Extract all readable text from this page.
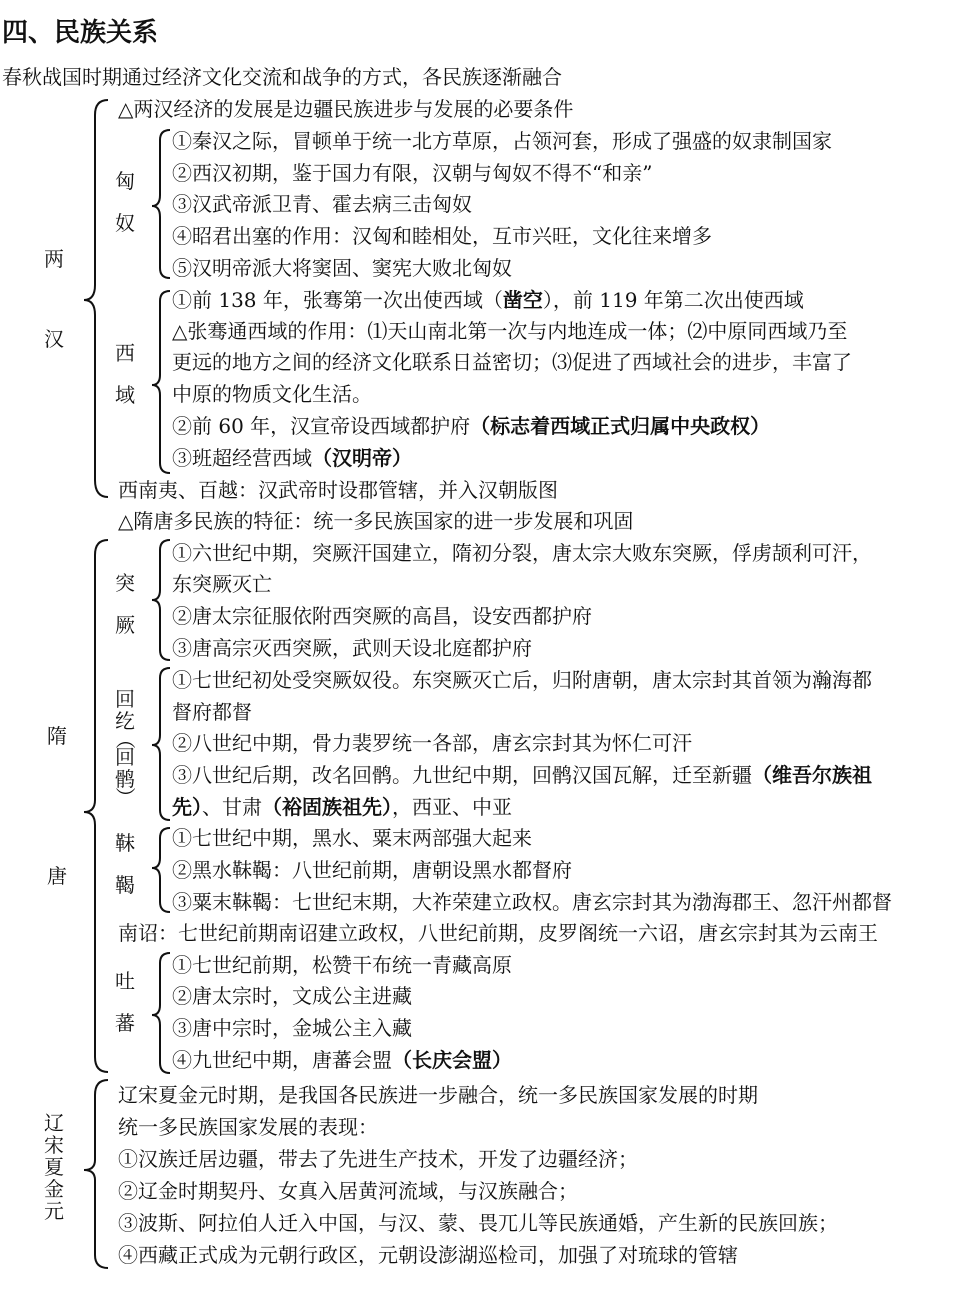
四、民族关系
春秋战国时期通过经济文化交流和战争的方式，各民族逐渐融合
两
汉
△两汉经济的发展是边疆民族进步与发展的必要条件
匈
奴
①秦汉之际，冒顿单于统一北方草原，占领河套，形成了强盛的奴隶制国家
②西汉初期，鉴于国力有限，汉朝与匈奴不得不“和亲”
③汉武帝派卫青、霍去病三击匈奴
④昭君出塞的作用：汉匈和睦相处，互市兴旺，文化往来增多
⑤汉明帝派大将窦固、窦宪大败北匈奴
西
域
①前 138 年，张骞第一次出使西域（凿空），前 119 年第二次出使西域
△张骞通西域的作用：⑴天山南北第一次与内地连成一体；⑵中原同西域乃至
更远的地方之间的经济文化联系日益密切；⑶促进了西域社会的进步，丰富了
中原的物质文化生活。
②前 60 年，汉宣帝设西域都护府（标志着西域正式归属中央政权）
③班超经营西域（汉明帝）
西南夷、百越：汉武帝时设郡管辖，并入汉朝版图
△隋唐多民族的特征：统一多民族国家的进一步发展和巩固
隋
唐
突
厥
①六世纪中期，突厥汗国建立，隋初分裂，唐太宗大败东突厥，俘虏颉利可汗，
东突厥灭亡
②唐太宗征服依附西突厥的高昌，设安西都护府
③唐高宗灭西突厥，武则天设北庭都护府
回
纥
（
回
鹘
）
①七世纪初处受突厥奴役。东突厥灭亡后，归附唐朝，唐太宗封其首领为瀚海都
督府都督
②八世纪中期，骨力裴罗统一各部，唐玄宗封其为怀仁可汗
③八世纪后期，改名回鹘。九世纪中期，回鹘汉国瓦解，迁至新疆（维吾尔族祖
先）、甘肃（裕固族祖先），西亚、中亚
靺
鞨
①七世纪中期，黑水、粟末两部强大起来
②黑水靺鞨：八世纪前期，唐朝设黑水都督府
③粟末靺鞨：七世纪末期，大祚荣建立政权。唐玄宗封其为渤海郡王、忽汗州都督
南诏：七世纪前期南诏建立政权，八世纪前期，皮罗阁统一六诏，唐玄宗封其为云南王
吐
蕃
①七世纪前期，松赞干布统一青藏高原
②唐太宗时，文成公主进藏
③唐中宗时，金城公主入藏
④九世纪中期，唐蕃会盟（长庆会盟）
辽宋夏金元
辽宋夏金元时期，是我国各民族进一步融合，统一多民族国家发展的时期
统一多民族国家发展的表现：
①汉族迁居边疆，带去了先进生产技术，开发了边疆经济；
②辽金时期契丹、女真入居黄河流域，与汉族融合；
③波斯、阿拉伯人迁入中国，与汉、蒙、畏兀儿等民族通婚，产生新的民族回族；
④西藏正式成为元朝行政区，元朝设澎湖巡检司，加强了对琉球的管辖
